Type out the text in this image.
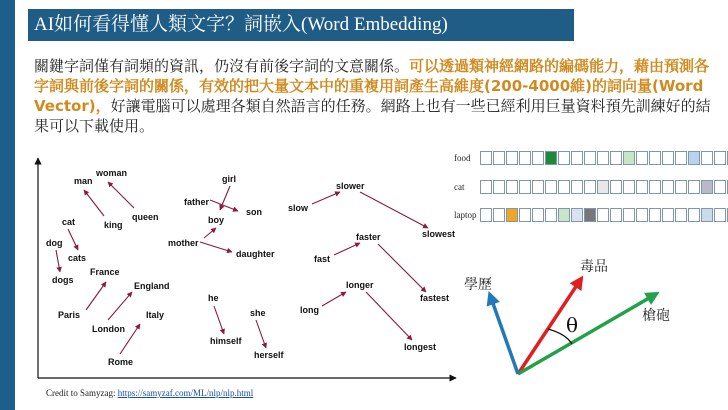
AI如何看得懂人類文字？詞嵌入(Word Embedding)
關鍵字詞僅有詞頻的資訊，仍沒有前後字詞的文意關係。可以透過類神經網路的編碼能力，藉由預測各字詞與前後字詞的關係，有效的把大量文本中的重複用詞產生高維度(200-4000維)的詞向量(Word Vector)，好讓電腦可以處理各類自然語言的任務。網路上也有一些已經利用巨量資料預先訓練好的結果可以下載使用。
food
cat
laptop
man
woman
king
queen
cat
dog
cats
dogs
France
England
Paris
London
Italy
Rome
girl
father
son
boy
mother
daughter
he
she
himself
herself
slower
slow
slowest
faster
fast
fastest
longer
long
longest
毒品
學歷
槍砲
θ
Credit to Samyzag: https://samyzaf.com/ML/nlp/nlp.html
